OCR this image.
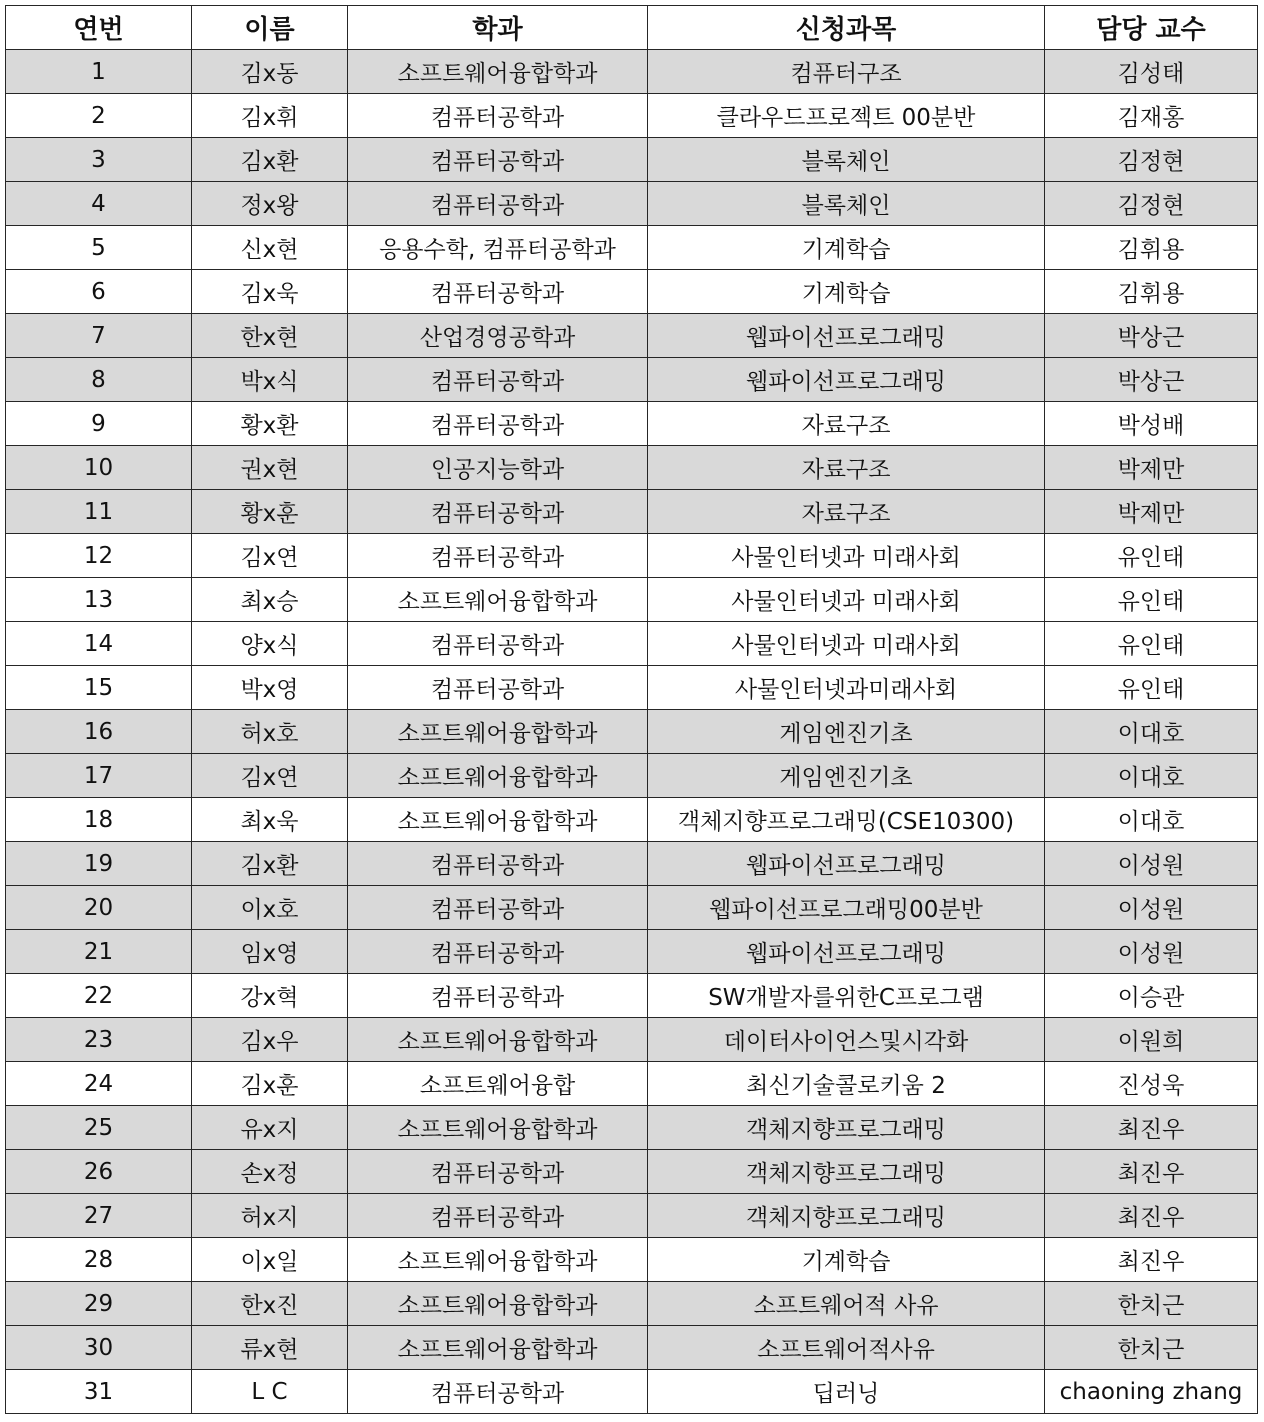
연번	이름	학과	신청과목	담당 교수
1	김x동	소프트웨어융합학과	컴퓨터구조	김성태
2	김x휘	컴퓨터공학과	클라우드프로젝트 00분반	김재홍
3	김x환	컴퓨터공학과	블록체인	김정현
4	정x왕	컴퓨터공학과	블록체인	김정현
5	신x현	응용수학, 컴퓨터공학과	기계학습	김휘용
6	김x욱	컴퓨터공학과	기계학습	김휘용
7	한x현	산업경영공학과	웹파이선프로그래밍	박상근
8	박x식	컴퓨터공학과	웹파이선프로그래밍	박상근
9	황x환	컴퓨터공학과	자료구조	박성배
10	권x현	인공지능학과	자료구조	박제만
11	황x훈	컴퓨터공학과	자료구조	박제만
12	김x연	컴퓨터공학과	사물인터넷과 미래사회	유인태
13	최x승	소프트웨어융합학과	사물인터넷과 미래사회	유인태
14	양x식	컴퓨터공학과	사물인터넷과 미래사회	유인태
15	박x영	컴퓨터공학과	사물인터넷과미래사회	유인태
16	허x호	소프트웨어융합학과	게임엔진기초	이대호
17	김x연	소프트웨어융합학과	게임엔진기초	이대호
18	최x욱	소프트웨어융합학과	객체지향프로그래밍(CSE10300)	이대호
19	김x환	컴퓨터공학과	웹파이선프로그래밍	이성원
20	이x호	컴퓨터공학과	웹파이선프로그래밍00분반	이성원
21	임x영	컴퓨터공학과	웹파이선프로그래밍	이성원
22	강x혁	컴퓨터공학과	SW개발자를위한C프로그램	이승관
23	김x우	소프트웨어융합학과	데이터사이언스및시각화	이원희
24	김x훈	소프트웨어융합	최신기술콜로키움 2	진성욱
25	유x지	소프트웨어융합학과	객체지향프로그래밍	최진우
26	손x정	컴퓨터공학과	객체지향프로그래밍	최진우
27	허x지	컴퓨터공학과	객체지향프로그래밍	최진우
28	이x일	소프트웨어융합학과	기계학습	최진우
29	한x진	소프트웨어융합학과	소프트웨어적 사유	한치근
30	류x현	소프트웨어융합학과	소프트웨어적사유	한치근
31	L C	컴퓨터공학과	딥러닝	chaoning zhang
